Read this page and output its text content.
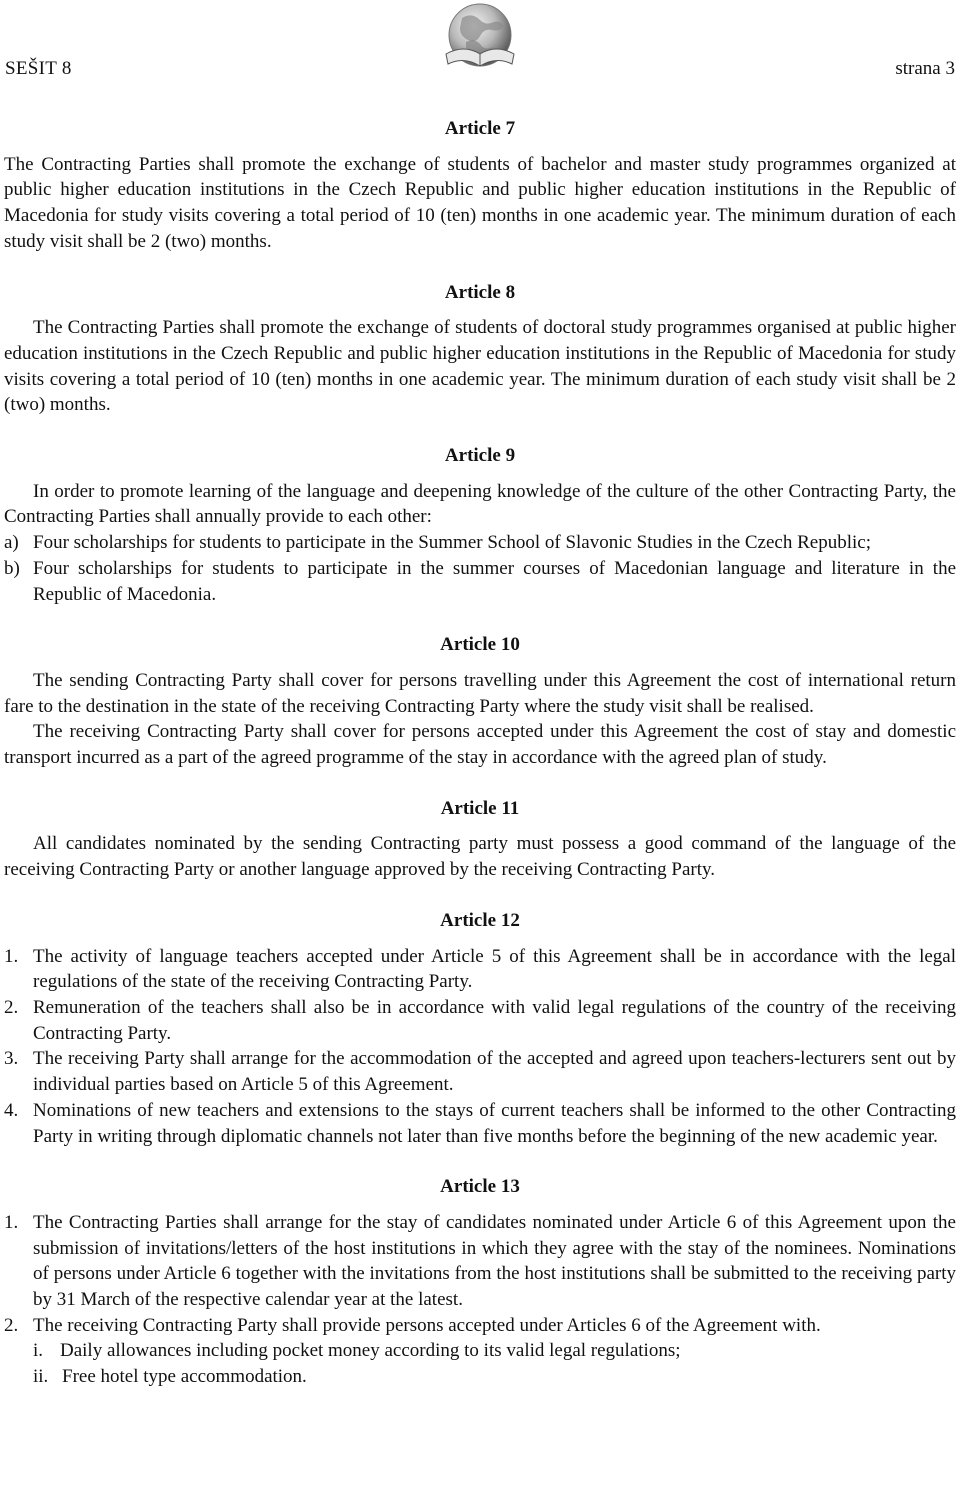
SEŠIT 8	strana 3
Article 7

The Contracting Parties shall promote the exchange of students of bachelor and master study programmes organized at public higher education institutions in the Czech Republic and public higher education institutions in the Republic of Macedonia for study visits covering a total period of 10 (ten) months in one academic year. The minimum duration of each study visit shall be 2 (two) months.

Article 8

The Contracting Parties shall promote the exchange of students of doctoral study programmes organised at public higher education institutions in the Czech Republic and public higher education institutions in the Republic of Macedonia for study visits covering a total period of 10 (ten) months in one academic year. The minimum duration of each study visit shall be 2 (two) months.

Article 9

In order to promote learning of the language and deepening knowledge of the culture of the other Contracting Party, the Contracting Parties shall annually provide to each other:

a) Four scholarships for students to participate in the Summer School of Slavonic Studies in the Czech Republic;
b) Four scholarships for students to participate in the summer courses of Macedonian language and literature in the Republic of Macedonia.
Article 10

The sending Contracting Party shall cover for persons travelling under this Agreement the cost of international return fare to the destination in the state of the receiving Contracting Party where the study visit shall be realised.

The receiving Contracting Party shall cover for persons accepted under this Agreement the cost of stay and domestic transport incurred as a part of the agreed programme of the stay in accordance with the agreed plan of study.

Article 11

All candidates nominated by the sending Contracting party must possess a good command of the language of the receiving Contracting Party or another language approved by the receiving Contracting Party.

Article 12
1. The activity of language teachers accepted under Article 5 of this Agreement shall be in accordance with the legal regulations of the state of the receiving Contracting Party.
2. Remuneration of the teachers shall also be in accordance with valid legal regulations of the country of the receiving Contracting Party.
3. The receiving Party shall arrange for the accommodation of the accepted and agreed upon teachers-lecturers sent out by individual parties based on Article 5 of this Agreement.
4. Nominations of new teachers and extensions to the stays of current teachers shall be informed to the other Contracting Party in writing through diplomatic channels not later than five months before the beginning of the new academic year.
Article 13
1. The Contracting Parties shall arrange for the stay of candidates nominated under Article 6 of this Agreement upon the submission of invitations/letters of the host institutions in which they agree with the stay of the nominees. Nominations of persons under Article 6 together with the invitations from the host institutions shall be submitted to the receiving party by 31 March of the respective calendar year at the latest.
2. The receiving Contracting Party shall provide persons accepted under Articles 6 of the Agreement with.
i. Daily allowances including pocket money according to its valid legal regulations;
ii. Free hotel type accommodation.
